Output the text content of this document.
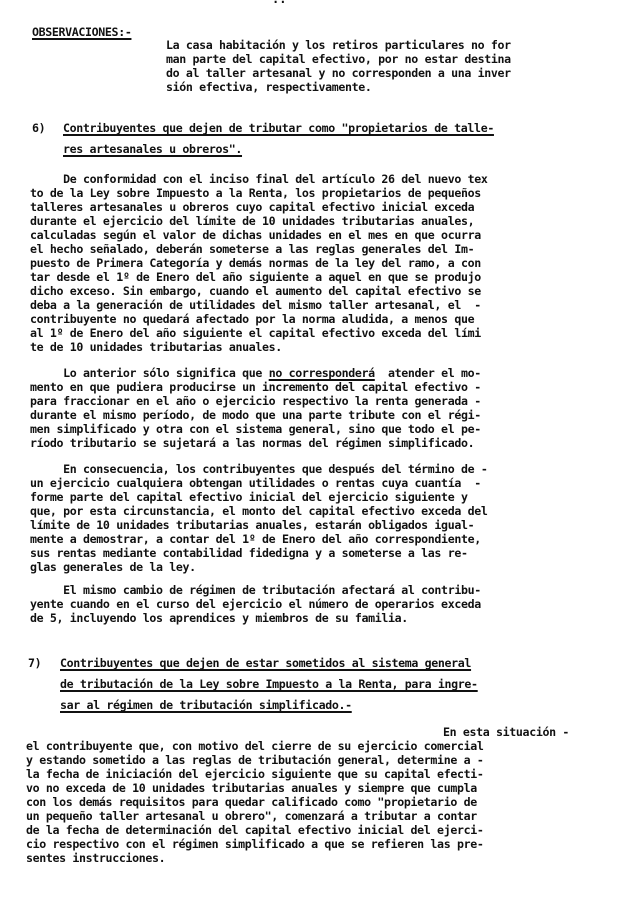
OBSERVACIONES:-
La casa habitación y los retiros particulares no for
man parte del capital efectivo, por no estar destina
do al taller artesanal y no corresponden a una inver
sión efectiva, respectivamente.
6) Contribuyentes que dejen de tributar como "propietarios de talle-
res artesanales u obreros".
De conformidad con el inciso final del artículo 26 del nuevo tex
to de la Ley sobre Impuesto a la Renta, los propietarios de pequeños
talleres artesanales u obreros cuyo capital efectivo inicial exceda
durante el ejercicio del límite de 10 unidades tributarias anuales,
calculadas según el valor de dichas unidades en el mes en que ocurra
el hecho señalado, deberán someterse a las reglas generales del Im-
puesto de Primera Categoría y demás normas de la ley del ramo, a con
tar desde el 1º de Enero del año siguiente a aquel en que se produjo
dicho exceso. Sin embargo, cuando el aumento del capital efectivo se
deba a la generación de utilidades del mismo taller artesanal, el  -
contribuyente no quedará afectado por la norma aludida, a menos que
al 1º de Enero del año siguiente el capital efectivo exceda del lími
te de 10 unidades tributarias anuales.
Lo anterior sólo significa que no corresponderá  atender el mo-
mento en que pudiera producirse un incremento del capital efectivo -
para fraccionar en el año o ejercicio respectivo la renta generada -
durante el mismo período, de modo que una parte tribute con el régi-
men simplificado y otra con el sistema general, sino que todo el pe-
ríodo tributario se sujetará a las normas del régimen simplificado.
En consecuencia, los contribuyentes que después del término de -
un ejercicio cualquiera obtengan utilidades o rentas cuya cuantía  -
forme parte del capital efectivo inicial del ejercicio siguiente y
que, por esta circunstancia, el monto del capital efectivo exceda del
límite de 10 unidades tributarias anuales, estarán obligados igual-
mente a demostrar, a contar del 1º de Enero del año correspondiente,
sus rentas mediante contabilidad fidedigna y a someterse a las re-
glas generales de la ley.
El mismo cambio de régimen de tributación afectará al contribu-
yente cuando en el curso del ejercicio el número de operarios exceda
de 5, incluyendo los aprendices y miembros de su familia.
7) Contribuyentes que dejen de estar sometidos al sistema general
de tributación de la Ley sobre Impuesto a la Renta, para ingre-
sar al régimen de tributación simplificado.-
En esta situación -
el contribuyente que, con motivo del cierre de su ejercicio comercial
y estando sometido a las reglas de tributación general, determine a -
la fecha de iniciación del ejercicio siguiente que su capital efecti-
vo no exceda de 10 unidades tributarias anuales y siempre que cumpla
con los demás requisitos para quedar calificado como "propietario de
un pequeño taller artesanal u obrero", comenzará a tributar a contar
de la fecha de determinación del capital efectivo inicial del ejerci-
cio respectivo con el régimen simplificado a que se refieren las pre-
sentes instrucciones.
